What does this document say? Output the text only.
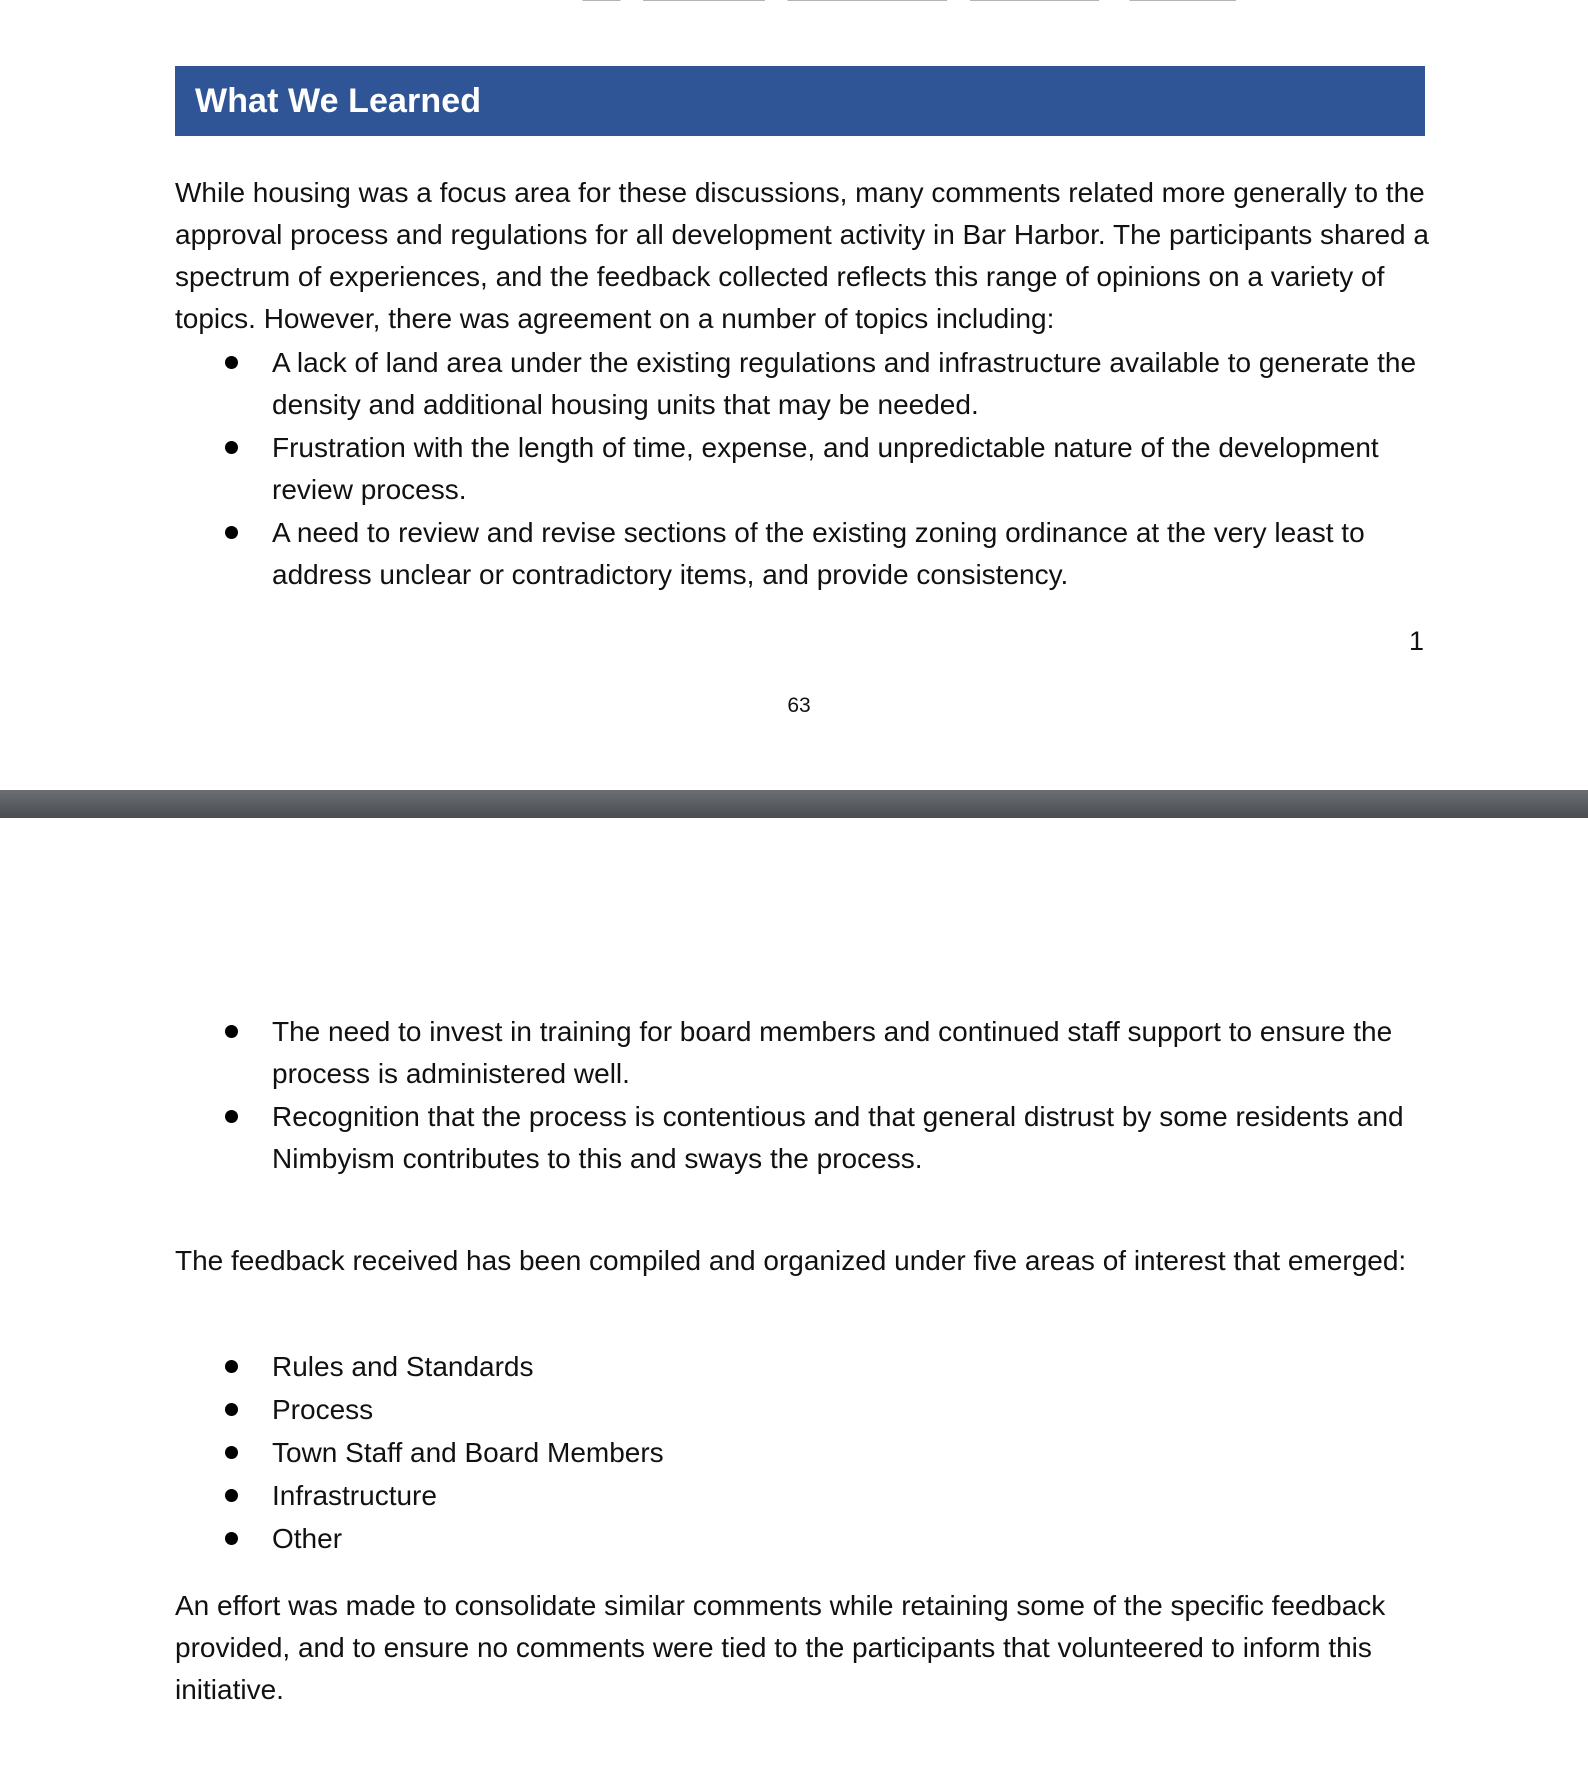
What We Learned

While housing was a focus area for these discussions, many comments related more generally to the approval process and regulations for all development activity in Bar Harbor. The participants shared a spectrum of experiences, and the feedback collected reflects this range of opinions on a variety of topics. However, there was agreement on a number of topics including:

A lack of land area under the existing regulations and infrastructure available to generate the density and additional housing units that may be needed.
Frustration with the length of time, expense, and unpredictable nature of the development review process.
A need to review and revise sections of the existing zoning ordinance at the very least to address unclear or contradictory items, and provide consistency.
1
63
The need to invest in training for board members and continued staff support to ensure the process is administered well.
Recognition that the process is contentious and that general distrust by some residents and Nimbyism contributes to this and sways the process.

The feedback received has been compiled and organized under five areas of interest that emerged:

Rules and Standards
Process
Town Staff and Board Members
Infrastructure
Other

An effort was made to consolidate similar comments while retaining some of the specific feedback provided, and to ensure no comments were tied to the participants that volunteered to inform this initiative.
